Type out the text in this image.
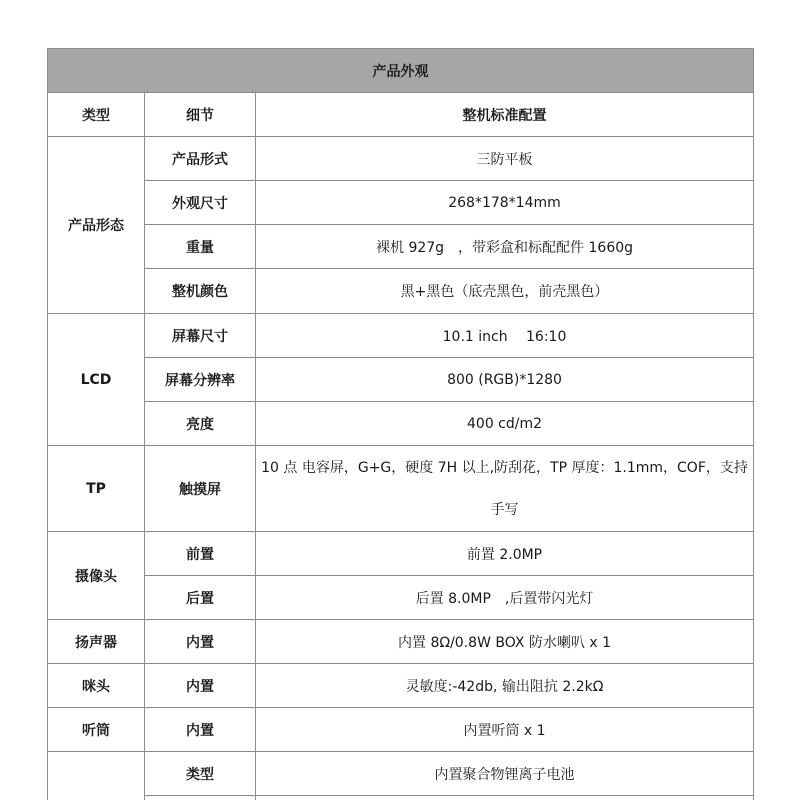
产品外观		
类型	细节	整机标准配置
产品形态	产品形式	三防平板
	外观尺寸	268*178*14mm
	重量	裸机 927g　，带彩盒和标配配件 1660g
	整机颜色	黑+黑色（底壳黑色，前壳黑色）
LCD	屏幕尺寸	10.1 inch　 16:10
	屏幕分辨率	800 (RGB)*1280
	亮度	400 cd/m2
TP	触摸屏	10 点 电容屏，G+G，硬度 7H 以上,防刮花，TP 厚度：1.1mm，COF，支持手写
摄像头	前置	前置 2.0MP
	后置	后置 8.0MP　,后置带闪光灯
扬声器	内置	内置 8Ω/0.8W BOX 防水喇叭 x 1
咪头	内置	灵敏度:-42db, 输出阻抗 2.2kΩ
听筒	内置	内置听筒 x 1
	类型	内置聚合物锂离子电池
